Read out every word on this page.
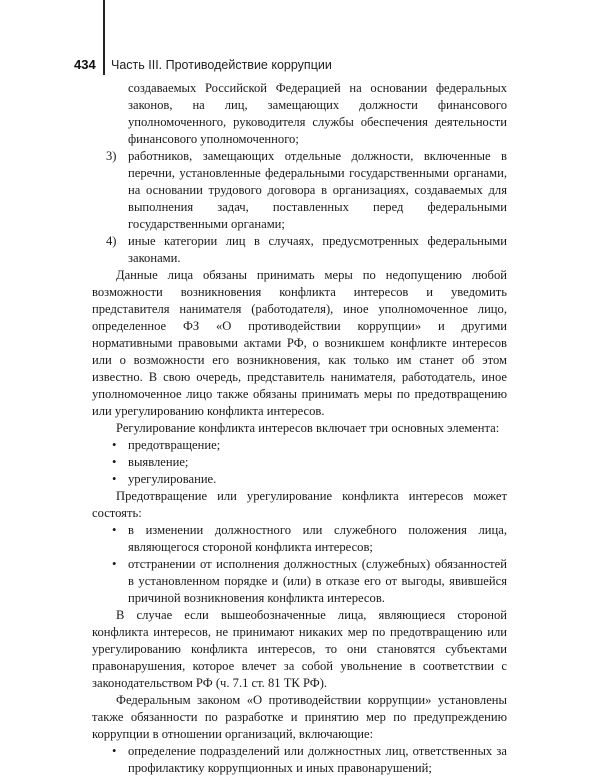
434 Часть III. Противодействие коррупции

создаваемых Российской Федерацией на основании федеральных законов, на лиц, замещающих должности финансового уполномоченного, руководителя службы обеспечения деятельности финансового уполномоченного;

3) работников, замещающих отдельные должности, включенные в перечни, установленные федеральными государственными органами, на основании трудового договора в организациях, создаваемых для выполнения задач, поставленных перед федеральными государственными органами;

4) иные категории лиц в случаях, предусмотренных федеральными законами.

Данные лица обязаны принимать меры по недопущению любой возможности возникновения конфликта интересов и уведомить представителя нанимателя (работодателя), иное уполномоченное лицо, определенное ФЗ «О противодействии коррупции» и другими нормативными правовыми актами РФ, о возникшем конфликте интересов или о возможности его возникновения, как только им станет об этом известно. В свою очередь, представитель нанимателя, работодатель, иное уполномоченное лицо также обязаны принимать меры по предотвращению или урегулированию конфликта интересов.

Регулирование конфликта интересов включает три основных элемента:

• предотвращение;

• выявление;

• урегулирование.

Предотвращение или урегулирование конфликта интересов может состоять:

• в изменении должностного или служебного положения лица, являющегося стороной конфликта интересов;

• отстранении от исполнения должностных (служебных) обязанностей в установленном порядке и (или) в отказе его от выгоды, явившейся причиной возникновения конфликта интересов.

В случае если вышеобозначенные лица, являющиеся стороной конфликта интересов, не принимают никаких мер по предотвращению или урегулированию конфликта интересов, то они становятся субъектами правонарушения, которое влечет за собой увольнение в соответствии с законодательством РФ (ч. 7.1 ст. 81 ТК РФ).

Федеральным законом «О противодействии коррупции» установлены также обязанности по разработке и принятию мер по предупреждению коррупции в отношении организаций, включающие:

• определение подразделений или должностных лиц, ответственных за профилактику коррупционных и иных правонарушений;
